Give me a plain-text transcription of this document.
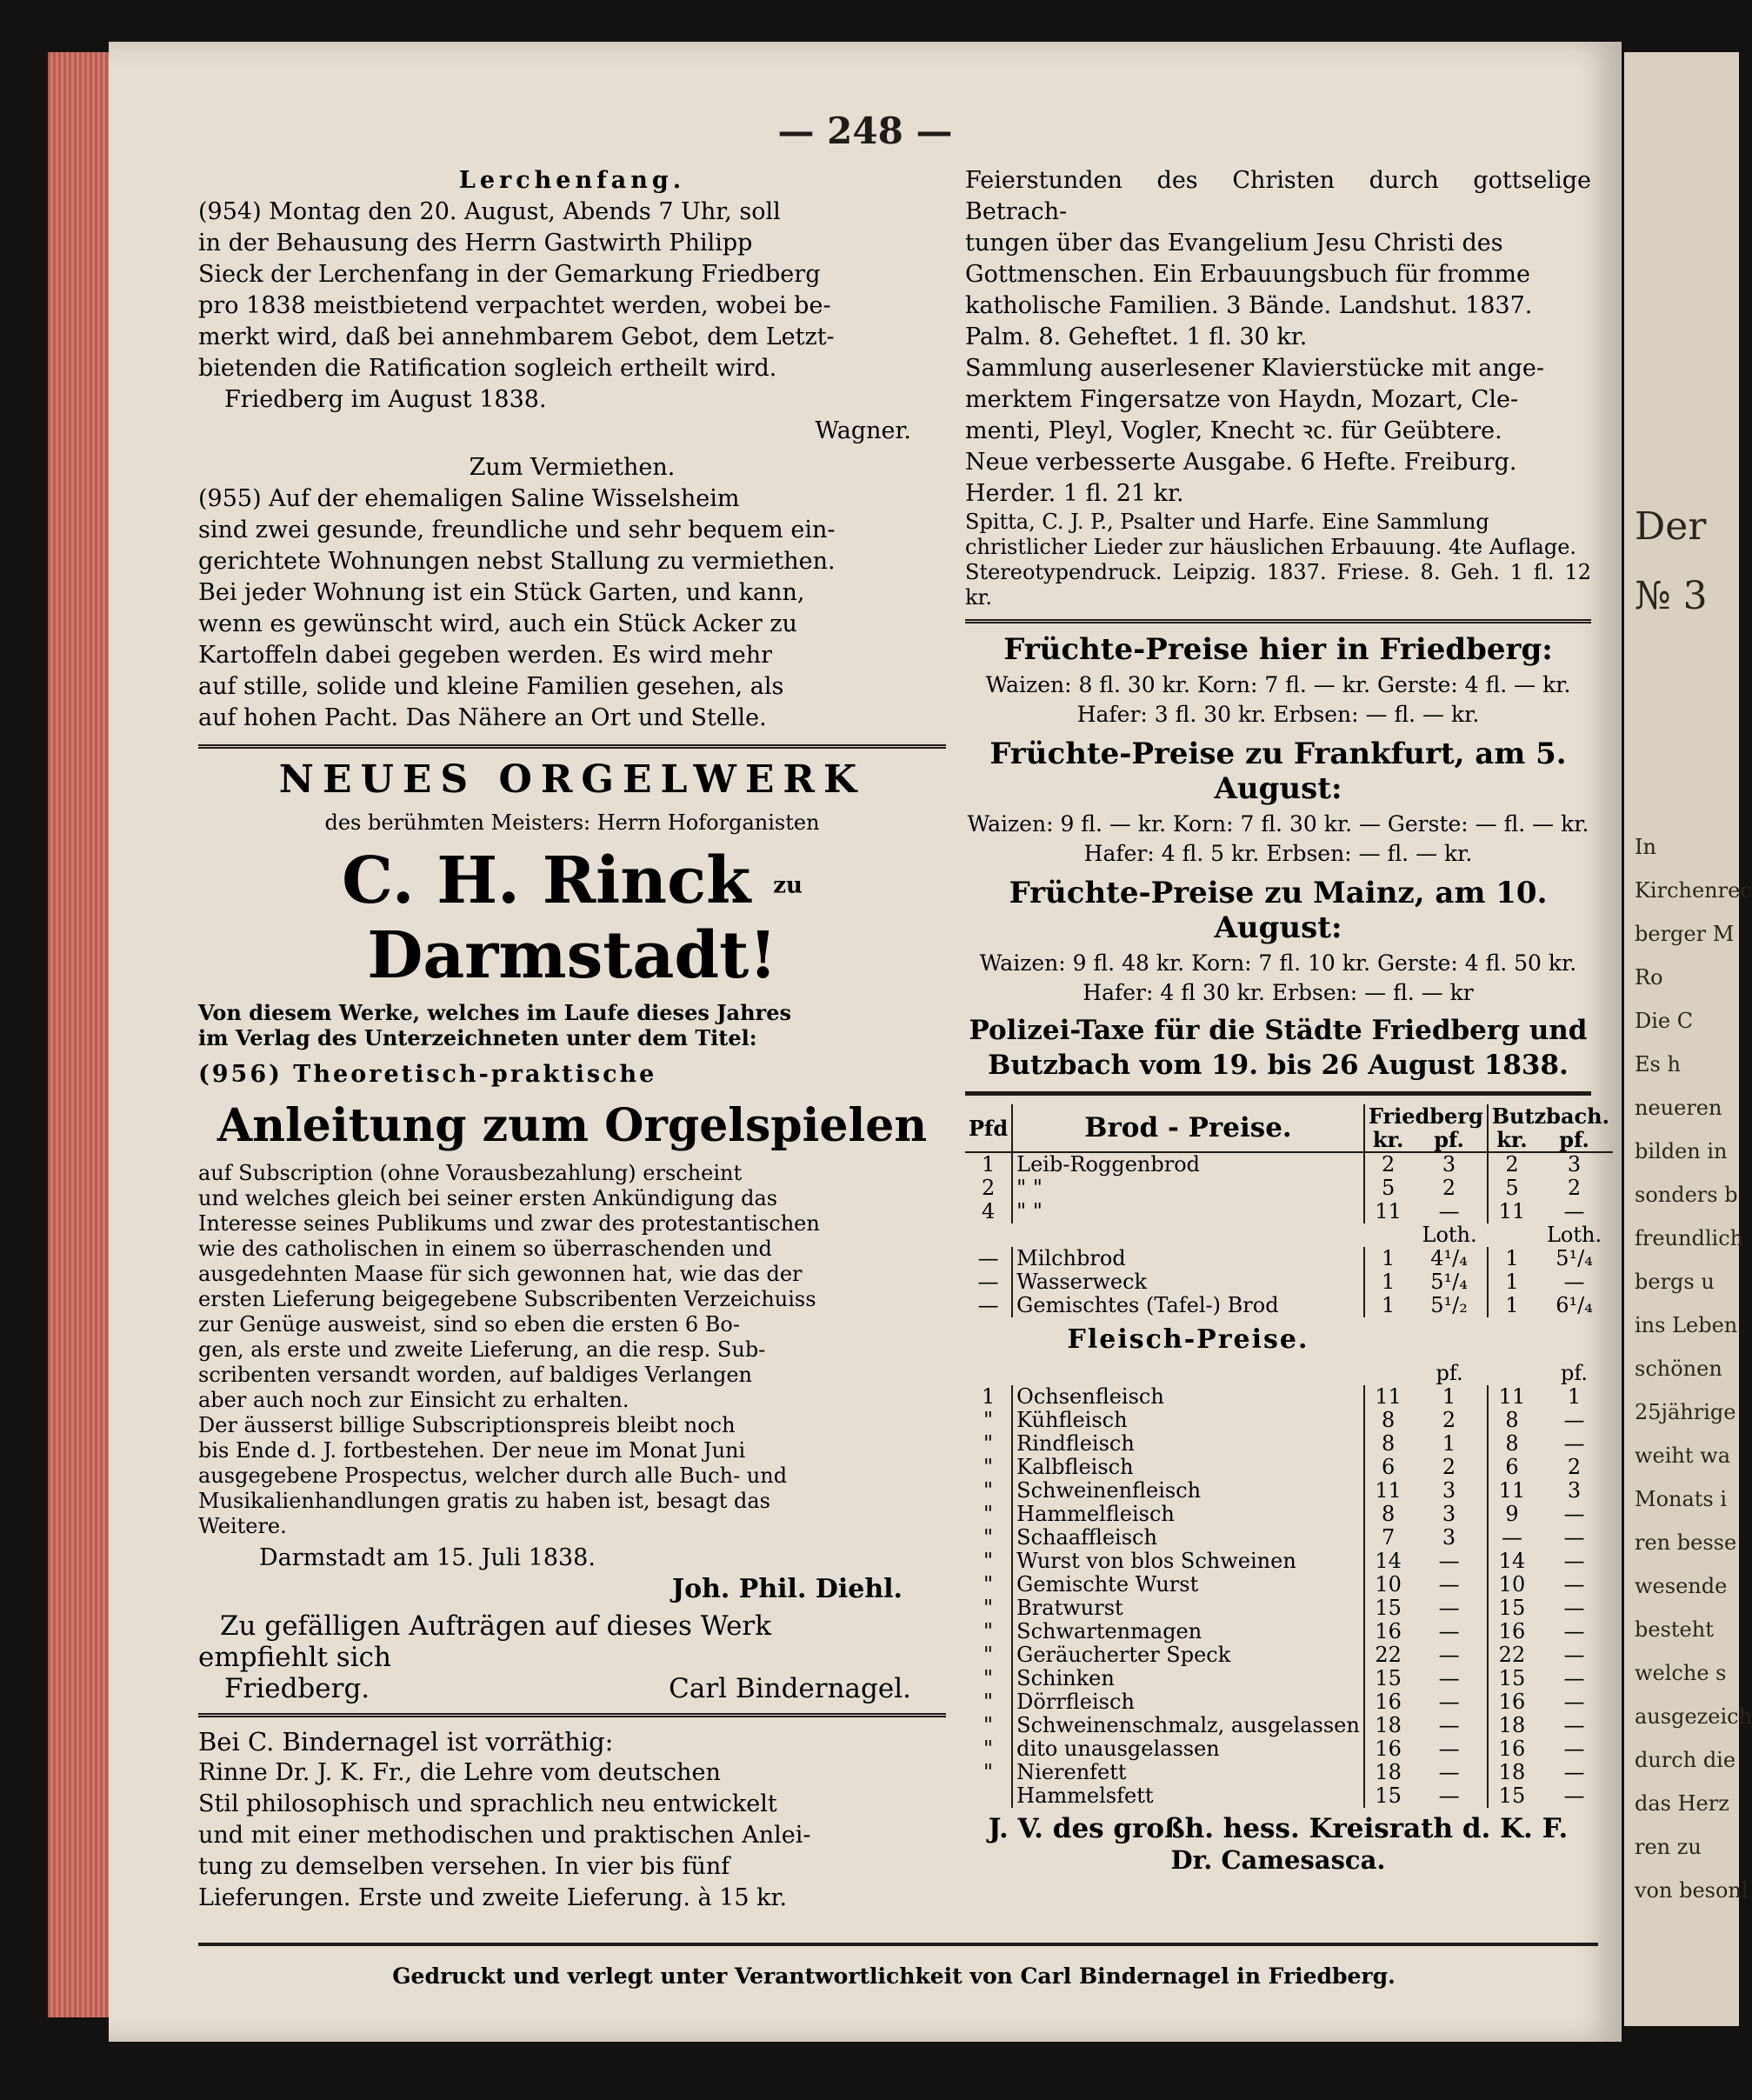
— 248 —

Lerchenfang.

(954) Montag den 20. August, Abends 7 Uhr, soll

in der Behausung des Herrn Gastwirth Philipp

Sieck der Lerchenfang in der Gemarkung Friedberg

pro 1838 meistbietend verpachtet werden, wobei be-

merkt wird, daß bei annehmbarem Gebot, dem Letzt-

bietenden die Ratification sogleich ertheilt wird.

Friedberg im August 1838.

Wagner.

Zum Vermiethen.

(955) Auf der ehemaligen Saline Wisselsheim

sind zwei gesunde, freundliche und sehr bequem ein-

gerichtete Wohnungen nebst Stallung zu vermiethen.

Bei jeder Wohnung ist ein Stück Garten, und kann,

wenn es gewünscht wird, auch ein Stück Acker zu

Kartoffeln dabei gegeben werden. Es wird mehr

auf stille, solide und kleine Familien gesehen, als

auf hohen Pacht. Das Nähere an Ort und Stelle.

NEUES ORGELWERK

des berühmten Meisters: Herrn Hoforganisten

C. H. Rinck zu Darmstadt!

Von diesem Werke, welches im Laufe dieses Jahres

im Verlag des Unterzeichneten unter dem Titel:

(956) Theoretisch-praktische

Anleitung zum Orgelspielen

auf Subscription (ohne Vorausbezahlung) erscheint

und welches gleich bei seiner ersten Ankündigung das

Interesse seines Publikums und zwar des protestantischen

wie des catholischen in einem so überraschenden und

ausgedehnten Maase für sich gewonnen hat, wie das der

ersten Lieferung beigegebene Subscribenten Verzeichuiss

zur Genüge ausweist, sind so eben die ersten 6 Bo-

gen, als erste und zweite Lieferung, an die resp. Sub-

scribenten versandt worden, auf baldiges Verlangen

aber auch noch zur Einsicht zu erhalten.

Der äusserst billige Subscriptionspreis bleibt noch

bis Ende d. J. fortbestehen. Der neue im Monat Juni

ausgegebene Prospectus, welcher durch alle Buch- und

Musikalienhandlungen gratis zu haben ist, besagt das

Weitere.

Darmstadt am 15. Juli 1838.

Joh. Phil. Diehl.

Zu gefälligen Aufträgen auf dieses Werk

empfiehlt sich

Friedberg.	Carl Bindernagel.

Bei C. Bindernagel ist vorräthig:

Rinne Dr. J. K. Fr., die Lehre vom deutschen

Stil philosophisch und sprachlich neu entwickelt

und mit einer methodischen und praktischen Anlei-

tung zu demselben versehen. In vier bis fünf

Lieferungen. Erste und zweite Lieferung. à 15 kr.

Feierstunden des Christen durch gottselige Betrach-

tungen über das Evangelium Jesu Christi des

Gottmenschen. Ein Erbauungsbuch für fromme

katholische Familien. 3 Bände. Landshut. 1837.

Palm. 8. Geheftet. 1 fl. 30 kr.

Sammlung auserlesener Klavierstücke mit ange-

merktem Fingersatze von Haydn, Mozart, Cle-

menti, Pleyl, Vogler, Knecht ꝛc. für Geübtere.

Neue verbesserte Ausgabe. 6 Hefte. Freiburg.

Herder. 1 fl. 21 kr.

Spitta, C. J. P., Psalter und Harfe. Eine Sammlung

christlicher Lieder zur häuslichen Erbauung. 4te Auflage.

Stereotypendruck. Leipzig. 1837. Friese. 8. Geh. 1 fl. 12 kr.

Früchte-Preise hier in Friedberg:

Waizen: 8 fl. 30 kr. Korn: 7 fl. — kr. Gerste: 4 fl. — kr.

Hafer: 3 fl. 30 kr. Erbsen: — fl. — kr.

Früchte-Preise zu Frankfurt, am 5. August:

Waizen: 9 fl. — kr. Korn: 7 fl. 30 kr. — Gerste: — fl. — kr.

Hafer: 4 fl. 5 kr. Erbsen: — fl. — kr.

Früchte-Preise zu Mainz, am 10. August:

Waizen: 9 fl. 48 kr. Korn: 7 fl. 10 kr. Gerste: 4 fl. 50 kr.

Hafer: 4 fl 30 kr. Erbsen: — fl. — kr

Polizei-Taxe für die Städte Friedberg und Butzbach vom 19. bis 26 August 1838.

Pfd	Brod - Preise.	Friedberg		Butzbach.	
		kr.	pf.	kr.	pf.
1	Leib-Roggenbrod	2	3	2	3
2	" "	5	2	5	2
4	" "	11	—	11	—
			Loth.		Loth.
—	Milchbrod	1	4¹/₄	1	5¹/₄
—	Wasserweck	1	5¹/₄	1	—
—	Gemischtes (Tafel-) Brod	1	5¹/₂	1	6¹/₄
	Fleisch-Preise.				
			pf.		pf.
1	Ochsenfleisch	11	1	11	1
"	Kühfleisch	8	2	8	—
"	Rindfleisch	8	1	8	—
"	Kalbfleisch	6	2	6	2
"	Schweinenfleisch	11	3	11	3
"	Hammelfleisch	8	3	9	—
"	Schaaffleisch	7	3	—	—
"	Wurst von blos Schweinen	14	—	14	—
"	Gemischte Wurst	10	—	10	—
"	Bratwurst	15	—	15	—
"	Schwartenmagen	16	—	16	—
"	Geräucherter Speck	22	—	22	—
"	Schinken	15	—	15	—
"	Dörrfleisch	16	—	16	—
"	Schweinenschmalz, ausgelassen	18	—	18	—
"	dito unausgelassen	16	—	16	—
"	Nierenfett	18	—	18	—
	Hammelsfett	15	—	15	—

J. V. des großh. hess. Kreisrath d. K. F.

Dr. Camesasca.

Gedruckt und verlegt unter Verantwortlichkeit von Carl Bindernagel in Friedberg.
Der
№ 3
In
Kirchenrec
berger M
Ro
Die C
Es h
neueren
bilden in
sonders b
freundlich
bergs u
ins Leben
schönen
25jährige
weiht wa
Monats i
ren besse
wesende
besteht
welche s
ausgezeich
durch die
das Herz
ren zu
von besonl
